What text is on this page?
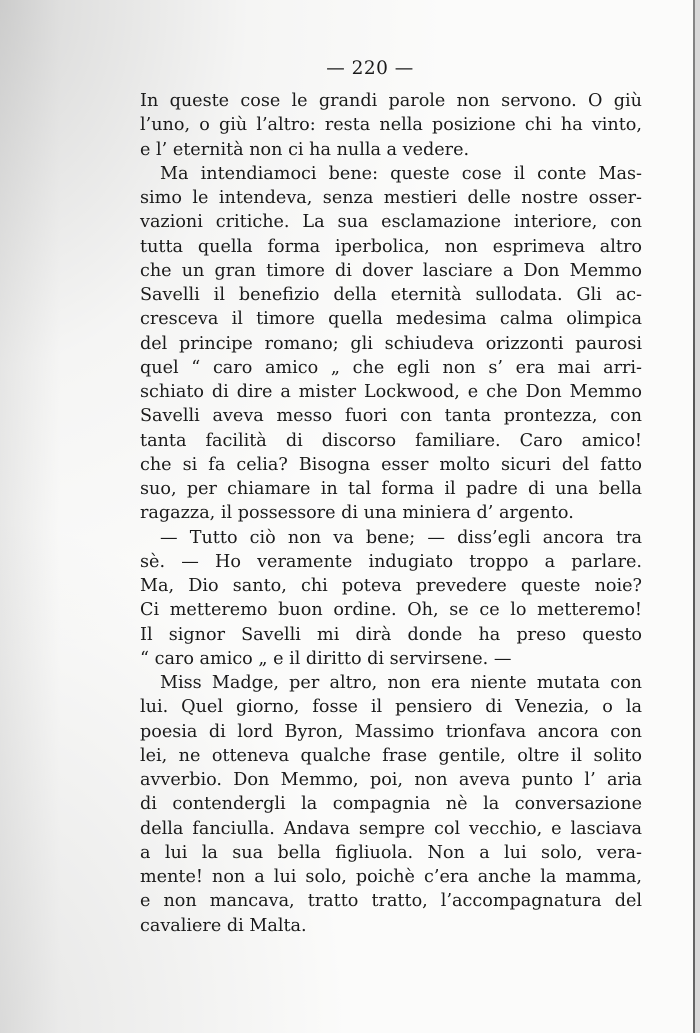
— 220 —
In queste cose le grandi parole non servono. O giù
l’uno, o giù l’altro: resta nella posizione chi ha vinto,
e l’ eternità non ci ha nulla a vedere.
Ma intendiamoci bene: queste cose il conte Mas-
simo le intendeva, senza mestieri delle nostre osser-
vazioni critiche. La sua esclamazione interiore, con
tutta quella forma iperbolica, non esprimeva altro
che un gran timore di dover lasciare a Don Memmo
Savelli il benefizio della eternità sullodata. Gli ac-
cresceva il timore quella medesima calma olimpica
del principe romano; gli schiudeva orizzonti paurosi
quel “ caro amico „ che egli non s’ era mai arri-
schiato di dire a mister Lockwood, e che Don Memmo
Savelli aveva messo fuori con tanta prontezza, con
tanta facilità di discorso familiare. Caro amico!
che si fa celia? Bisogna esser molto sicuri del fatto
suo, per chiamare in tal forma il padre di una bella
ragazza, il possessore di una miniera d’ argento.
— Tutto ciò non va bene; — diss’egli ancora tra
sè. — Ho veramente indugiato troppo a parlare.
Ma, Dio santo, chi poteva prevedere queste noie?
Ci metteremo buon ordine. Oh, se ce lo metteremo!
Il signor Savelli mi dirà donde ha preso questo
“ caro amico „ e il diritto di servirsene. —
Miss Madge, per altro, non era niente mutata con
lui. Quel giorno, fosse il pensiero di Venezia, o la
poesia di lord Byron, Massimo trionfava ancora con
lei, ne otteneva qualche frase gentile, oltre il solito
avverbio. Don Memmo, poi, non aveva punto l’ aria
di contendergli la compagnia nè la conversazione
della fanciulla. Andava sempre col vecchio, e lasciava
a lui la sua bella figliuola. Non a lui solo, vera-
mente! non a lui solo, poichè c’era anche la mamma,
e non mancava, tratto tratto, l’accompagnatura del
cavaliere di Malta.
